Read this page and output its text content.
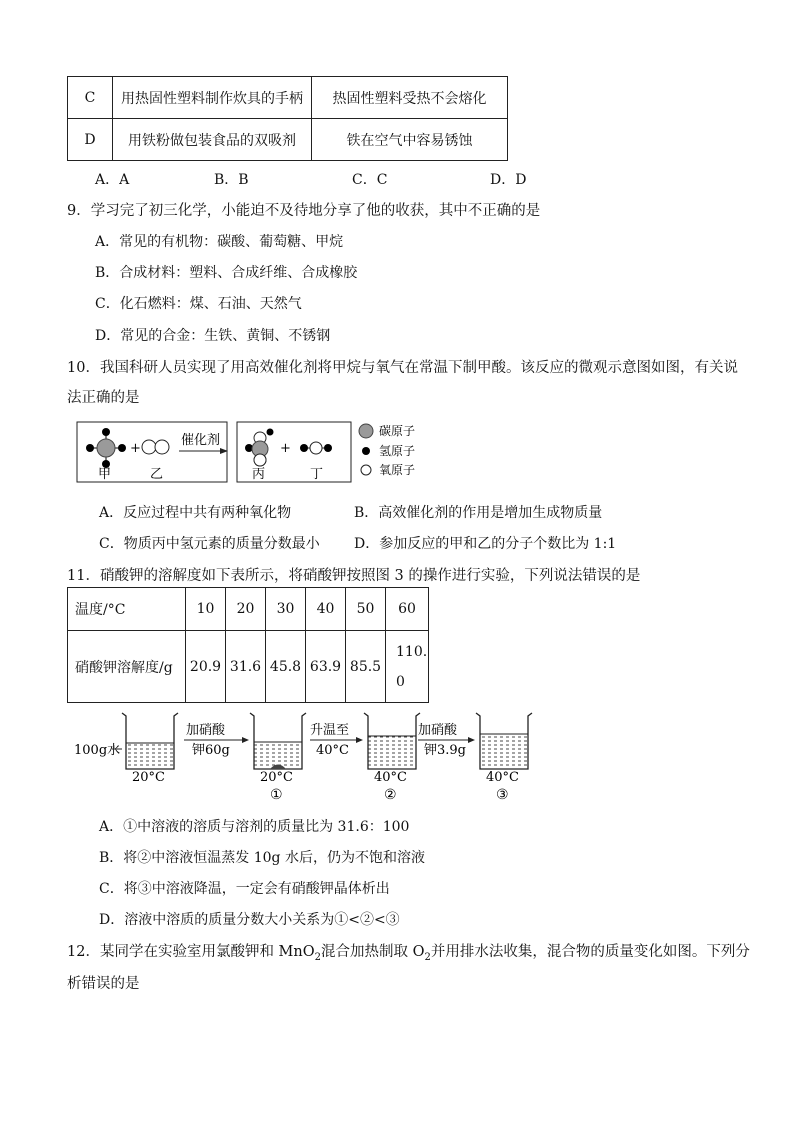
C	用热固性塑料制作炊具的手柄	热固性塑料受热不会熔化
D	用铁粉做包装食品的双吸剂	铁在空气中容易锈蚀
A．A	B．B	C．C	D．D
9．学习完了初三化学，小能迫不及待地分享了他的收获，其中不正确的是
A．常见的有机物：碳酸、葡萄糖、甲烷
B．合成材料：塑料、合成纤维、合成橡胶
C．化石燃料：煤、石油、天然气
D．常见的合金：生铁、黄铜、不锈钢
10．我国科研人员实现了用高效催化剂将甲烷与氧气在常温下制甲酸。该反应的微观示意图如图，有关说
法正确的是
+
甲	乙
催化剂
+
丙	丁
碳原子
氢原子
氧原子
A．反应过程中共有两种氧化物	B．高效催化剂的作用是增加生成物质量
C．物质丙中氢元素的质量分数最小 D．参加反应的甲和乙的分子个数比为 1:1
11．硝酸钾的溶解度如下表所示，将硝酸钾按照图 3 的操作进行实验，下列说法错误的是
温度/°C	10	20	30	40	50	60
硝酸钾溶解度/g	20.9	31.6	45.8	63.9	85.5	110.
0
100g水
20°C
加硝酸
钾60g
20°C
①
升温至
40°C
40°C
②
加硝酸
钾3.9g
40°C
③
A．①中溶液的溶质与溶剂的质量比为 31.6：100
B．将②中溶液恒温蒸发 10g 水后，仍为不饱和溶液
C．将③中溶液降温，一定会有硝酸钾晶体析出
D．溶液中溶质的质量分数大小关系为①<②<③
12．某同学在实验室用氯酸钾和 MnO$_2$混合加热制取 $O_2$并用排水法收集，混合物的质量变化如图。下列分
析错误的是
